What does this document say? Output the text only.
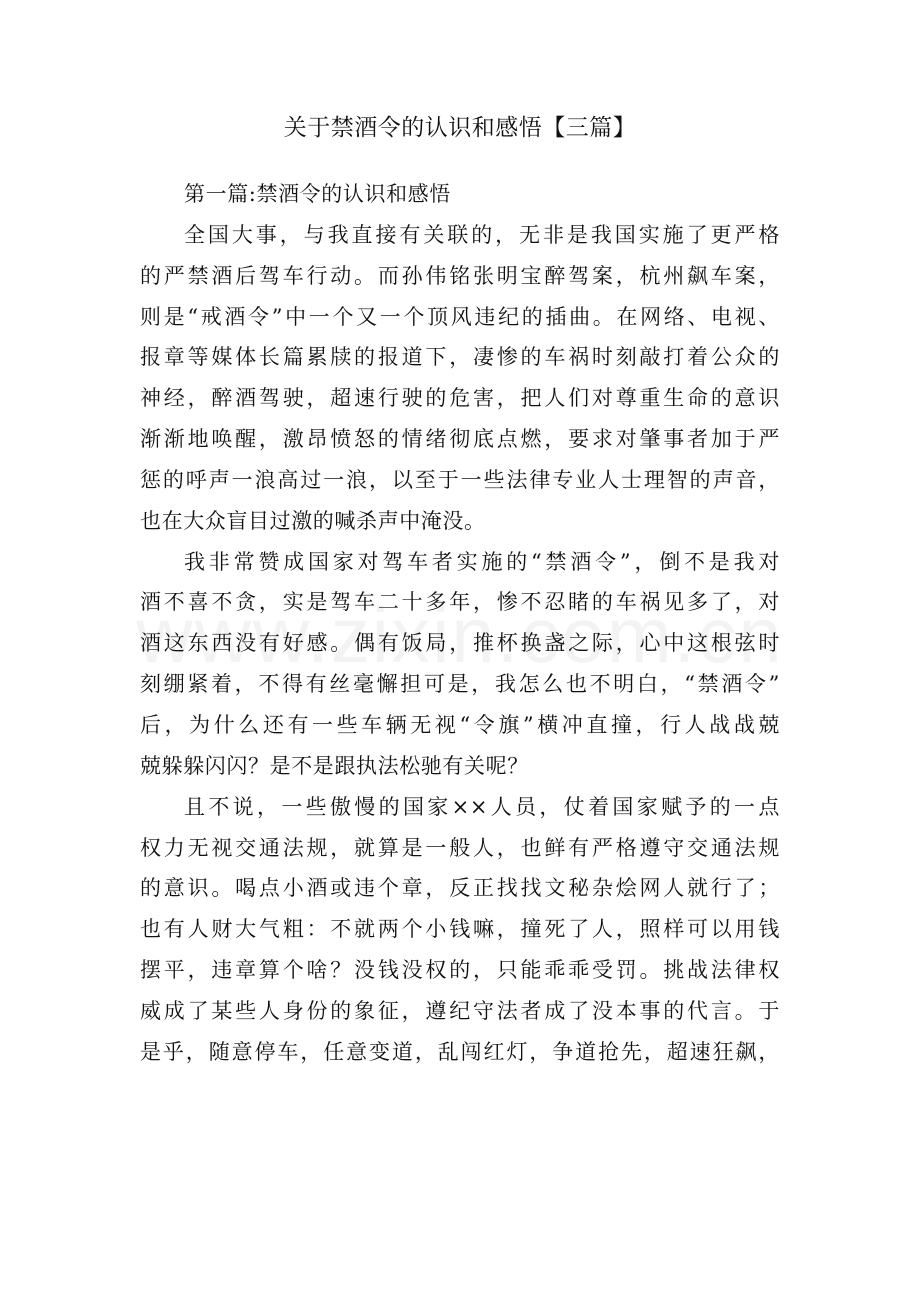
关于禁酒令的认识和感悟【三篇】
第一篇:禁酒令的认识和感悟
全国大事，与我直接有关联的，无非是我国实施了更严格
的严禁酒后驾车行动。而孙伟铭张明宝醉驾案，杭州飙车案，
则是“戒酒令”中一个又一个顶风违纪的插曲。在网络、电视、
报章等媒体长篇累牍的报道下，凄惨的车祸时刻敲打着公众的
神经，醉酒驾驶，超速行驶的危害，把人们对尊重生命的意识
渐渐地唤醒，激昂愤怒的情绪彻底点燃，要求对肇事者加于严
惩的呼声一浪高过一浪，以至于一些法律专业人士理智的声音，
也在大众盲目过激的喊杀声中淹没。
我非常赞成国家对驾车者实施的“禁酒令”，倒不是我对
酒不喜不贪，实是驾车二十多年，惨不忍睹的车祸见多了，对
酒这东西没有好感。偶有饭局，推杯换盏之际，心中这根弦时
刻绷紧着，不得有丝毫懈担可是，我怎么也不明白，“禁酒令”
后，为什么还有一些车辆无视“令旗”横冲直撞，行人战战兢
兢躲躲闪闪？是不是跟执法松驰有关呢？
且不说，一些傲慢的国家××人员，仗着国家赋予的一点
权力无视交通法规，就算是一般人，也鲜有严格遵守交通法规
的意识。喝点小酒或违个章，反正找找文秘杂烩网人就行了；
也有人财大气粗：不就两个小钱嘛，撞死了人，照样可以用钱
摆平，违章算个啥？没钱没权的，只能乖乖受罚。挑战法律权
威成了某些人身份的象征，遵纪守法者成了没本事的代言。于
是乎，随意停车，任意变道，乱闯红灯，争道抢先，超速狂飙，
